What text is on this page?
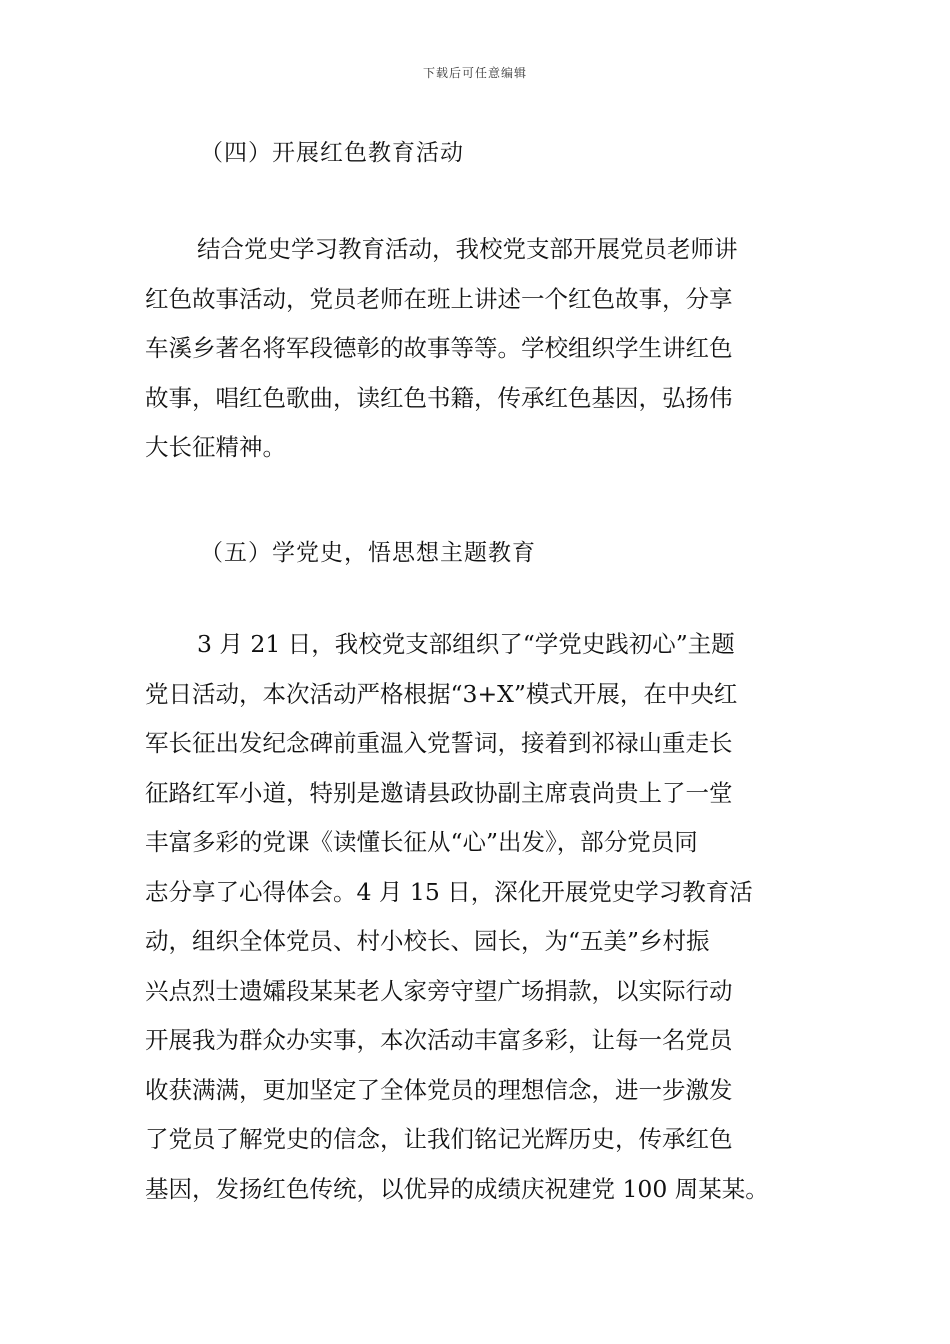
下载后可任意编辑
（四）开展红色教育活动
结合党史学习教育活动，我校党支部开展党员老师讲
红色故事活动，党员老师在班上讲述一个红色故事，分享
车溪乡著名将军段德彰的故事等等。学校组织学生讲红色
故事，唱红色歌曲，读红色书籍，传承红色基因，弘扬伟
大长征精神。
（五）学党史，悟思想主题教育
3 月 21 日，我校党支部组织了“学党史践初心”主题
党日活动，本次活动严格根据“3+X”模式开展，在中央红
军长征出发纪念碑前重温入党誓词，接着到祁禄山重走长
征路红军小道，特别是邀请县政协副主席袁尚贵上了一堂
丰富多彩的党课《读懂长征从“心”出发》，部分党员同
志分享了心得体会。4 月 15 日，深化开展党史学习教育活
动，组织全体党员、村小校长、园长，为“五美”乡村振
兴点烈士遗孀段某某老人家旁守望广场捐款，以实际行动
开展我为群众办实事，本次活动丰富多彩，让每一名党员
收获满满，更加坚定了全体党员的理想信念，进一步激发
了党员了解党史的信念，让我们铭记光辉历史，传承红色
基因，发扬红色传统，以优异的成绩庆祝建党 100 周某某。
